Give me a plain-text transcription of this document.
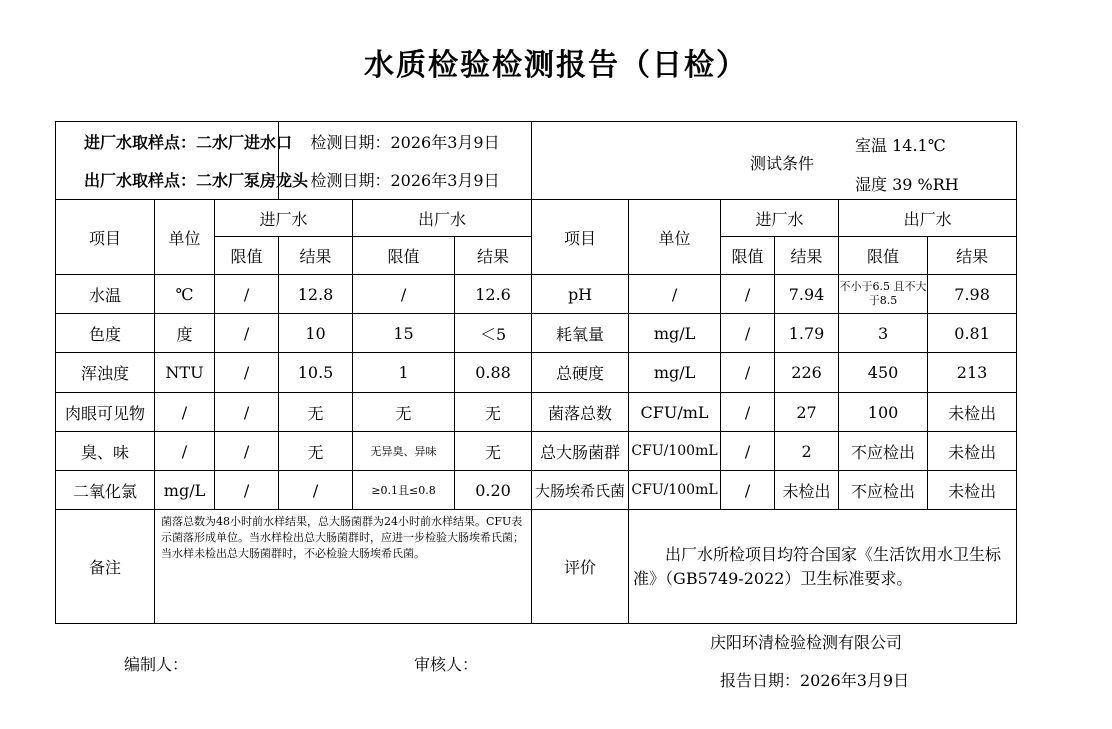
水质检验检测报告（日检）
进厂水取样点：二水厂进水口			检测日期：2026年3月9日								
出厂水取样点：二水厂泵房龙头			检测日期：2026年3月9日								
项目	单位	进厂水		出厂水		项目	单位	进厂水		出厂水	
		限值	结果	限值	结果			限值	结果	限值	结果
水温	℃	/	12.8	/	12.6	pH	/	/	7.94	不小于6.5 且不大于8.5	7.98
色度	度	/	10	15	＜5	耗氧量	mg/L	/	1.79	3	0.81
浑浊度	NTU	/	10.5	1	0.88	总硬度	mg/L	/	226	450	213
肉眼可见物	/	/	无	无	无	菌落总数	CFU/mL	/	27	100	未检出
臭、味	/	/	无	无异臭、异味	无	总大肠菌群	CFU/100mL	/	2	不应检出	未检出
二氧化氯	mg/L	/	/	≥0.1且≤0.8	0.20	大肠埃希氏菌	CFU/100mL	/	未检出	不应检出	未检出
备注	菌落总数为48小时前水样结果，总大肠菌群为24小时前水样结果。CFU表示菌落形成单位。当水样检出总大肠菌群时，应进一步检验大肠埃希氏菌；当水样未检出总大肠菌群时，不必检验大肠埃希氏菌。					评价	出厂水所检项目均符合国家《生活饮用水卫生标准》（GB5749-2022）卫生标准要求。				
测试条件
室温 14.1℃
湿度 39 %RH
编制人：	审核人：
庆阳环清检验检测有限公司
报告日期：2026年3月9日
